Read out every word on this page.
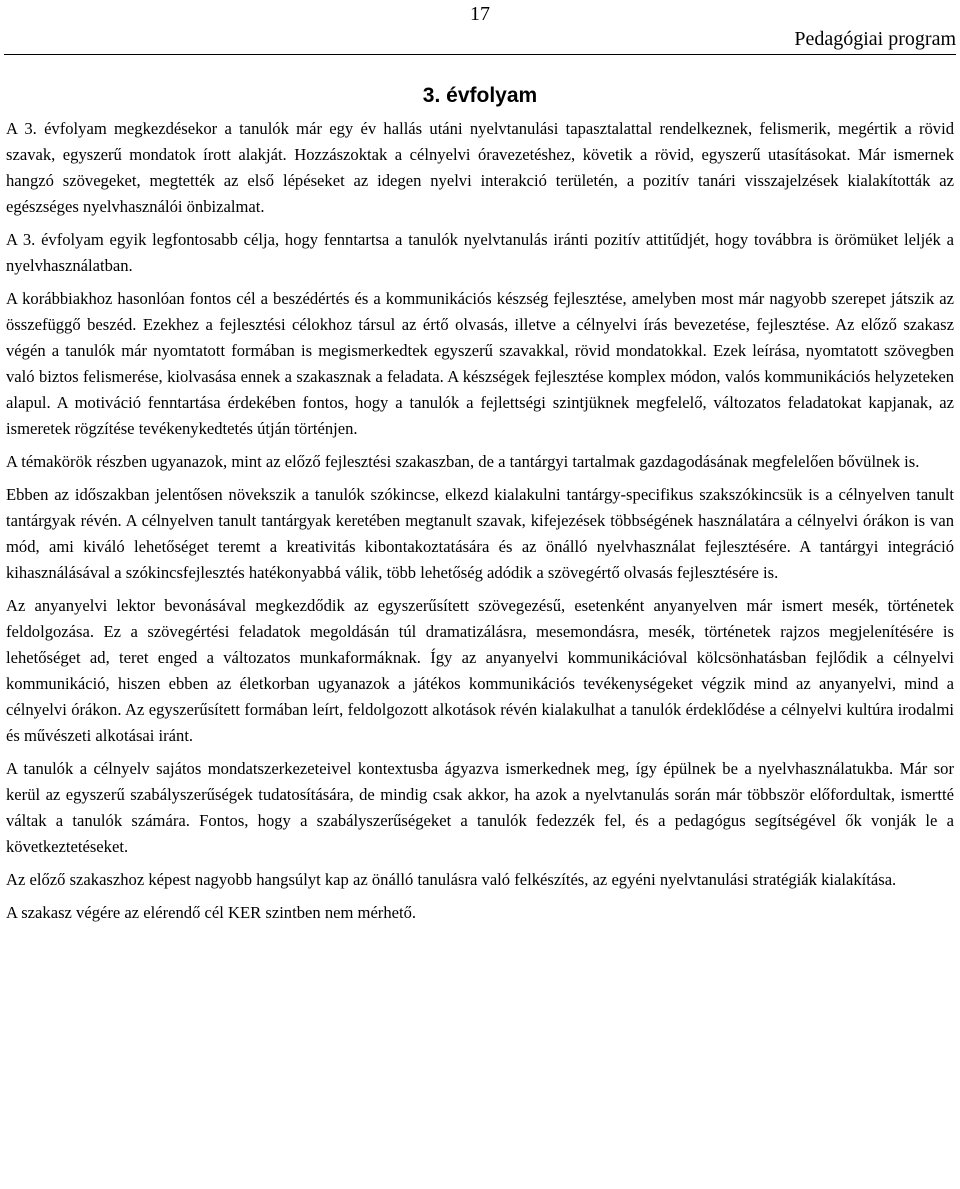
17
Pedagógiai program
3. évfolyam

A 3. évfolyam megkezdésekor a tanulók már egy év hallás utáni nyelvtanulási tapasztalattal rendelkeznek, felismerik, megértik a rövid szavak, egyszerű mondatok írott alakját. Hozzászoktak a célnyelvi óravezetéshez, követik a rövid, egyszerű utasításokat. Már ismernek hangzó szövegeket, megtették az első lépéseket az idegen nyelvi interakció területén, a pozitív tanári visszajelzések kialakították az egészséges nyelvhasználói önbizalmat.

A 3. évfolyam egyik legfontosabb célja, hogy fenntartsa a tanulók nyelvtanulás iránti pozitív attitűdjét, hogy továbbra is örömüket leljék a nyelvhasználatban.

A korábbiakhoz hasonlóan fontos cél a beszédértés és a kommunikációs készség fejlesztése, amelyben most már nagyobb szerepet játszik az összefüggő beszéd. Ezekhez a fejlesztési célokhoz társul az értő olvasás, illetve a célnyelvi írás bevezetése, fejlesztése. Az előző szakasz végén a tanulók már nyomtatott formában is megismerkedtek egyszerű szavakkal, rövid mondatokkal. Ezek leírása, nyomtatott szövegben való biztos felismerése, kiolvasása ennek a szakasznak a feladata. A készségek fejlesztése komplex módon, valós kommunikációs helyzeteken alapul. A motiváció fenntartása érdekében fontos, hogy a tanulók a fejlettségi szintjüknek megfelelő, változatos feladatokat kapjanak, az ismeretek rögzítése tevékenykedtetés útján történjen.

A témakörök részben ugyanazok, mint az előző fejlesztési szakaszban, de a tantárgyi tartalmak gazdagodásának megfelelően bővülnek is.

Ebben az időszakban jelentősen növekszik a tanulók szókincse, elkezd kialakulni tantárgy-specifikus szakszókincsük is a célnyelven tanult tantárgyak révén. A célnyelven tanult tantárgyak keretében megtanult szavak, kifejezések többségének használatára a célnyelvi órákon is van mód, ami kiváló lehetőséget teremt a kreativitás kibontakoztatására és az önálló nyelvhasználat fejlesztésére. A tantárgyi integráció kihasználásával a szókincsfejlesztés hatékonyabbá válik, több lehetőség adódik a szövegértő olvasás fejlesztésére is.

Az anyanyelvi lektor bevonásával megkezdődik az egyszerűsített szövegezésű, esetenként anyanyelven már ismert mesék, történetek feldolgozása. Ez a szövegértési feladatok megoldásán túl dramatizálásra, mesemondásra, mesék, történetek rajzos megjelenítésére is lehetőséget ad, teret enged a változatos munkaformáknak. Így az anyanyelvi kommunikációval kölcsönhatásban fejlődik a célnyelvi kommunikáció, hiszen ebben az életkorban ugyanazok a játékos kommunikációs tevékenységeket végzik mind az anyanyelvi, mind a célnyelvi órákon. Az egyszerűsített formában leírt, feldolgozott alkotások révén kialakulhat a tanulók érdeklődése a célnyelvi kultúra irodalmi és művészeti alkotásai iránt.

A tanulók a célnyelv sajátos mondatszerkezeteivel kontextusba ágyazva ismerkednek meg, így épülnek be a nyelvhasználatukba. Már sor kerül az egyszerű szabályszerűségek tudatosítására, de mindig csak akkor, ha azok a nyelvtanulás során már többször előfordultak, ismertté váltak a tanulók számára. Fontos, hogy a szabályszerűségeket a tanulók fedezzék fel, és a pedagógus segítségével ők vonják le a következtetéseket.

Az előző szakaszhoz képest nagyobb hangsúlyt kap az önálló tanulásra való felkészítés, az egyéni nyelvtanulási stratégiák kialakítása.

A szakasz végére az elérendő cél KER szintben nem mérhető.
